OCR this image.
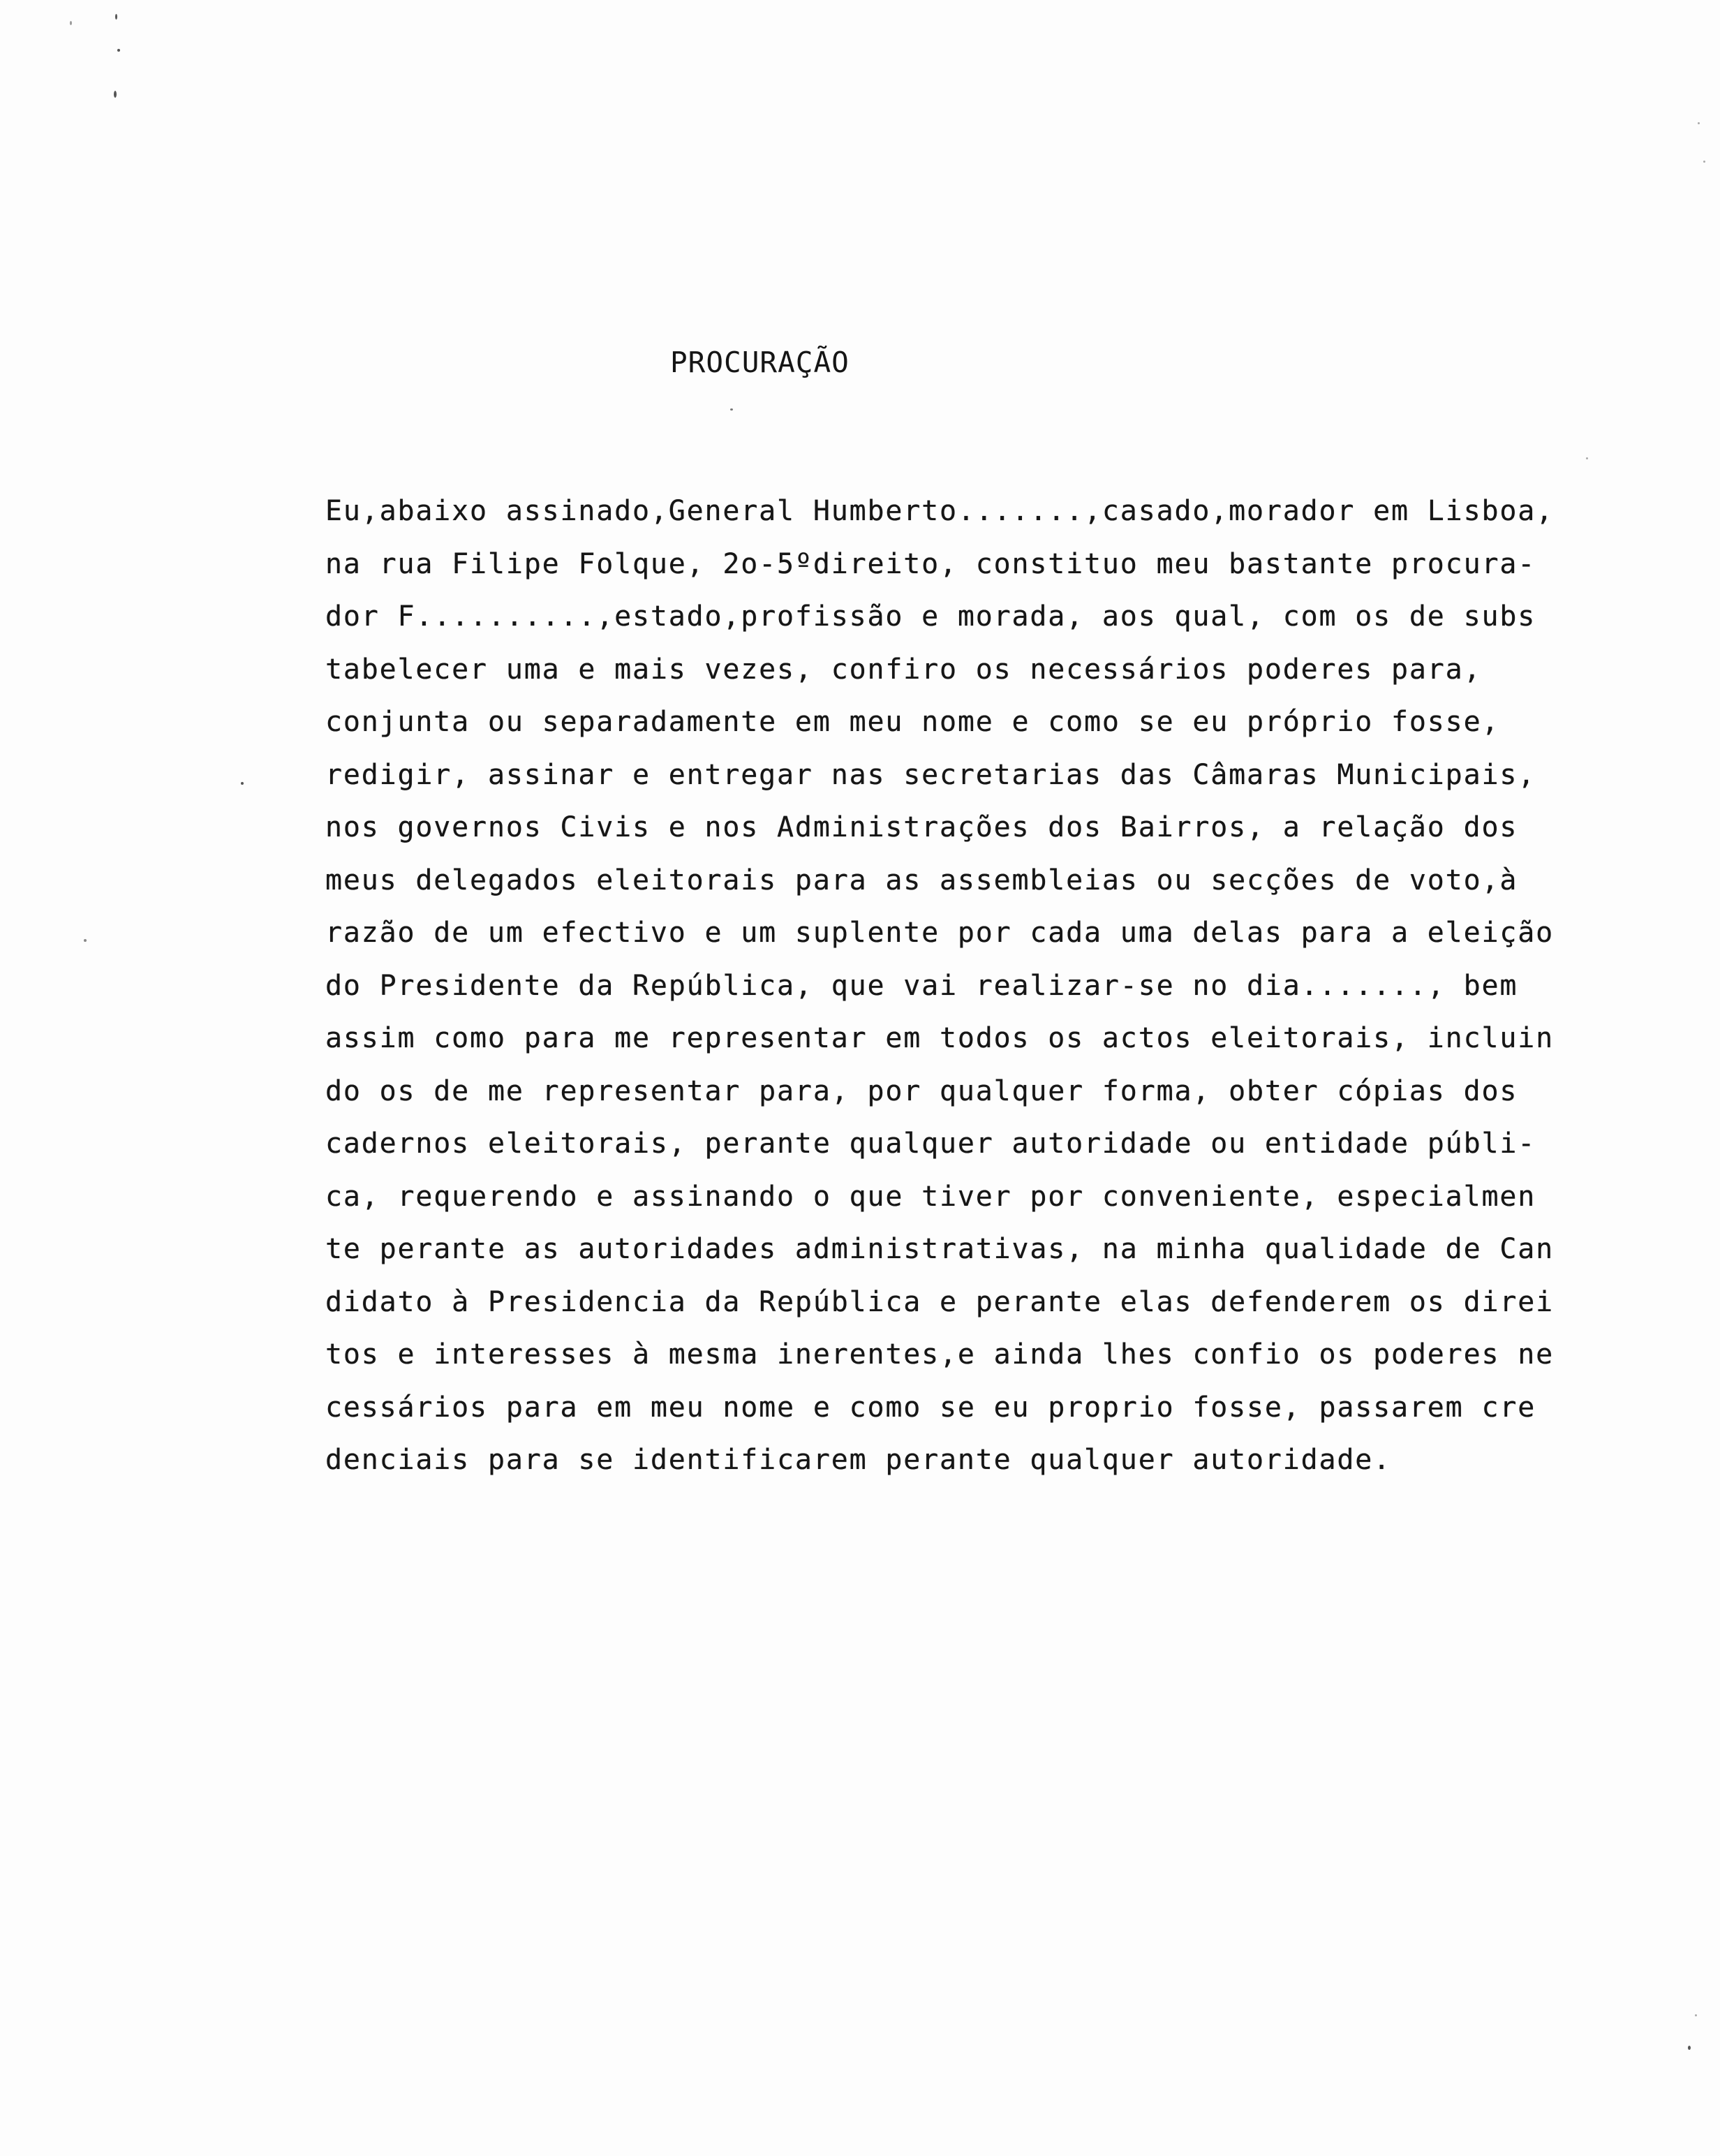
PROCURAÇÃO
Eu,abaixo assinado,General Humberto.......,casado,morador em Lisboa,
na rua Filipe Folque, 2o-5ºdireito, constituo meu bastante procura-
dor F..........,estado,profissão e morada, aos qual, com os de subs
tabelecer uma e mais vezes, confiro os necessários poderes para,
conjunta ou separadamente em meu nome e como se eu próprio fosse,
redigir, assinar e entregar nas secretarias das Câmaras Municipais,
nos governos Civis e nos Administrações dos Bairros, a relação dos
meus delegados eleitorais para as assembleias ou secções de voto,à
razão de um efectivo e um suplente por cada uma delas para a eleição
do Presidente da República, que vai realizar-se no dia......., bem
assim como para me representar em todos os actos eleitorais, incluin
do os de me representar para, por qualquer forma, obter cópias dos
cadernos eleitorais, perante qualquer autoridade ou entidade públi-
ca, requerendo e assinando o que tiver por conveniente, especialmen
te perante as autoridades administrativas, na minha qualidade de Can
didato à Presidencia da República e perante elas defenderem os direi
tos e interesses à mesma inerentes,e ainda lhes confio os poderes ne
cessários para em meu nome e como se eu proprio fosse, passarem cre
denciais para se identificarem perante qualquer autoridade.
